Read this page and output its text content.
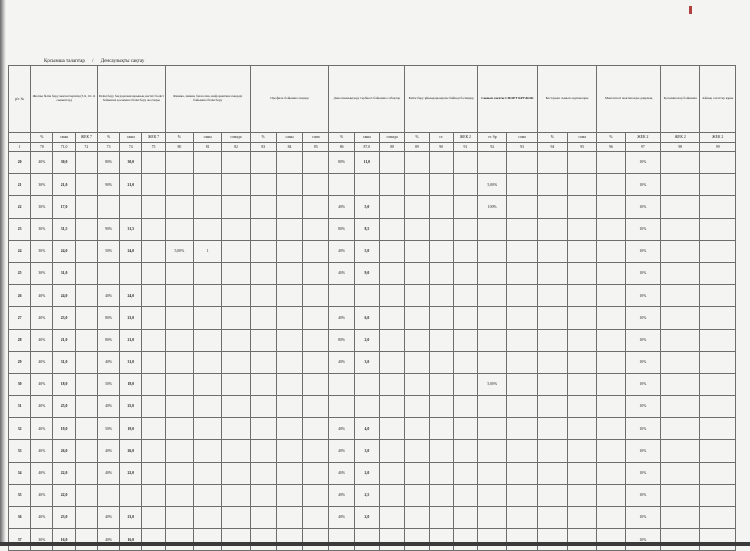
Қосымша талаптар / Денсаулықты сақтау
р/с №	Жалпы білім беру мектептерінің (5-9, 10-11 сыныптар)			Білім беру бағдарламаларының негізгі бөлігі бойынша қосымша білім беру жоспары			Физика, химия, биология, информатика пәндері бойынша білім беру			Профиль бойынша пәндер			Дене шынықтыру тәрбиесі бойынша сабақтар			Білім беру ұйымдарындағы бейінді бөлімдер			Сынып сағаты СПОРТ КРУЖОК		Бастауыш сынып оқушылары		Мектептегі мектепалды даярлық		Қосымшалар бойынша	Айлық сағаттар құны
	%	саны	ЖЕК 7	%	саны	ЖЕК 7	%	саны	сомада	%	саны	сома	%	саны	сомада	%	ст.	ЖЕК 2	ст. бр	сома	%	сома	%	ЖЕК 2	ЖЕК 2	ЖЕК 2
1	70	71,0	72	73	74	75	80	81	82	83	84	85	86	87,0	88	89	90	91	92	93	94	95	96	97	98	99
20	40%	30,0		80%	30,0								80%	11,0										10%		
21	30%	21,0		90%	21,0														5,00%					10%		
22	30%	17,0											40%	5,0					100%					10%		
23	30%	31,5		90%	31,5								80%	8,5										10%		
24	30%	24,0		50%	24,0		5,00%	1					40%	5,0										10%		
25	30%	31,0											40%	9,0										10%		
26	40%	24,0		40%	24,0																			10%		
27	40%	23,0		80%	23,0								40%	6,0										10%		
28	40%	21,0		80%	21,0								80%	2,0										10%		
29	40%	31,0		40%	31,0								40%	3,0										10%		
30	40%	18,0		50%	18,0														5,00%					10%		
31	40%	25,0		40%	25,0																			10%		
32	40%	19,0		50%	19,0								40%	4,0										10%		
33	40%	26,0		40%	26,0								40%	3,0										10%		
34	40%	22,0		40%	22,0								40%	2,0										10%		
35	40%	22,0											40%	2,5										10%		
36	40%	23,0		40%	23,0								40%	2,0										10%		
37	30%	16,0		40%	16,0																			10%		
